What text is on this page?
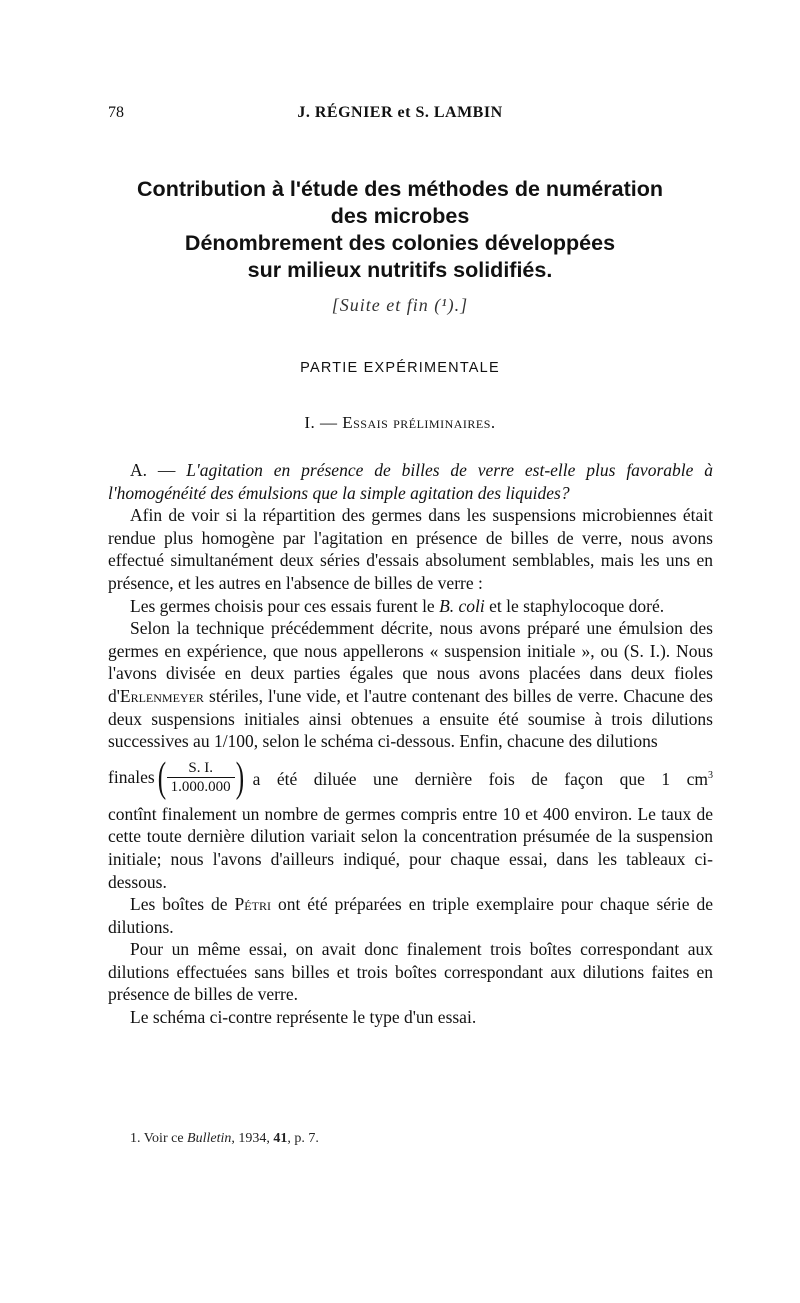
78	J. RÉGNIER et S. LAMBIN
Contribution à l'étude des méthodes de numération
des microbes
Dénombrement des colonies développées
sur milieux nutritifs solidifiés.
[Suite et fin (¹).]
PARTIE EXPÉRIMENTALE
I. — Essais préliminaires.

A. — L'agitation en présence de billes de verre est-elle plus favorable à l'homogénéité des émulsions que la simple agitation des liquides?

Afin de voir si la répartition des germes dans les suspensions microbiennes était rendue plus homogène par l'agitation en présence de billes de verre, nous avons effectué simultanément deux séries d'essais absolument semblables, mais les uns en présence, et les autres en l'absence de billes de verre :

Les germes choisis pour ces essais furent le B. coli et le staphylocoque doré.

Selon la technique précédemment décrite, nous avons préparé une émulsion des germes en expérience, que nous appellerons « suspension initiale », ou (S. I.). Nous l'avons divisée en deux parties égales que nous avons placées dans deux fioles d'Erlenmeyer stériles, l'une vide, et l'autre contenant des billes de verre. Chacune des deux suspensions initiales ainsi obtenues a ensuite été soumise à trois dilutions successives au 1/100, selon le schéma ci-dessous. Enfin, chacune des dilutions

finales ( $\frac{S. I.}{1.000.000}$ ) a été diluée une dernière fois de façon que 1 $cm^3$

contînt finalement un nombre de germes compris entre 10 et 400 environ. Le taux de cette toute dernière dilution variait selon la concentration présumée de la suspension initiale; nous l'avons d'ailleurs indiqué, pour chaque essai, dans les tableaux ci-dessous.

Les boîtes de Pétri ont été préparées en triple exemplaire pour chaque série de dilutions.

Pour un même essai, on avait donc finalement trois boîtes correspondant aux dilutions effectuées sans billes et trois boîtes correspondant aux dilutions faites en présence de billes de verre.

Le schéma ci-contre représente le type d'un essai.

1. Voir ce Bulletin, 1934, 41, p. 7.
